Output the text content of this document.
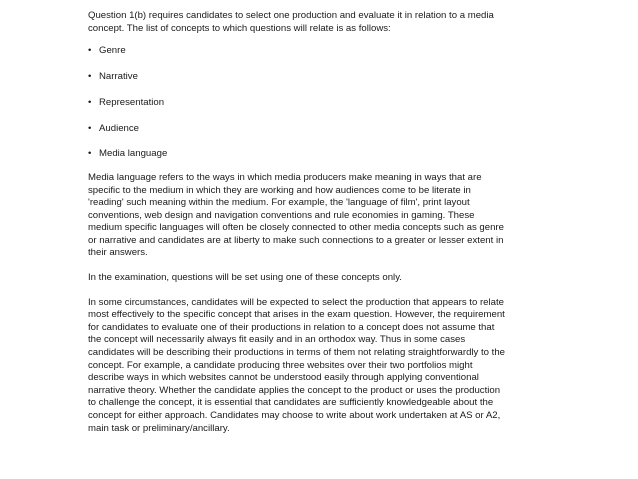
Question 1(b) requires candidates to select one production and evaluate it in relation to a media
concept. The list of concepts to which questions will relate is as follows:

• Genre
• Narrative
• Representation
• Audience
• Media language

Media language refers to the ways in which media producers make meaning in ways that are
specific to the medium in which they are working and how audiences come to be literate in
'reading' such meaning within the medium. For example, the 'language of film', print layout
conventions, web design and navigation conventions and rule economies in gaming. These
medium specific languages will often be closely connected to other media concepts such as genre
or narrative and candidates are at liberty to make such connections to a greater or lesser extent in
their answers.

In the examination, questions will be set using one of these concepts only.

In some circumstances, candidates will be expected to select the production that appears to relate
most effectively to the specific concept that arises in the exam question. However, the requirement
for candidates to evaluate one of their productions in relation to a concept does not assume that
the concept will necessarily always fit easily and in an orthodox way. Thus in some cases
candidates will be describing their productions in terms of them not relating straightforwardly to the
concept. For example, a candidate producing three websites over their two portfolios might
describe ways in which websites cannot be understood easily through applying conventional
narrative theory. Whether the candidate applies the concept to the product or uses the production
to challenge the concept, it is essential that candidates are sufficiently knowledgeable about the
concept for either approach. Candidates may choose to write about work undertaken at AS or A2,
main task or preliminary/ancillary.
